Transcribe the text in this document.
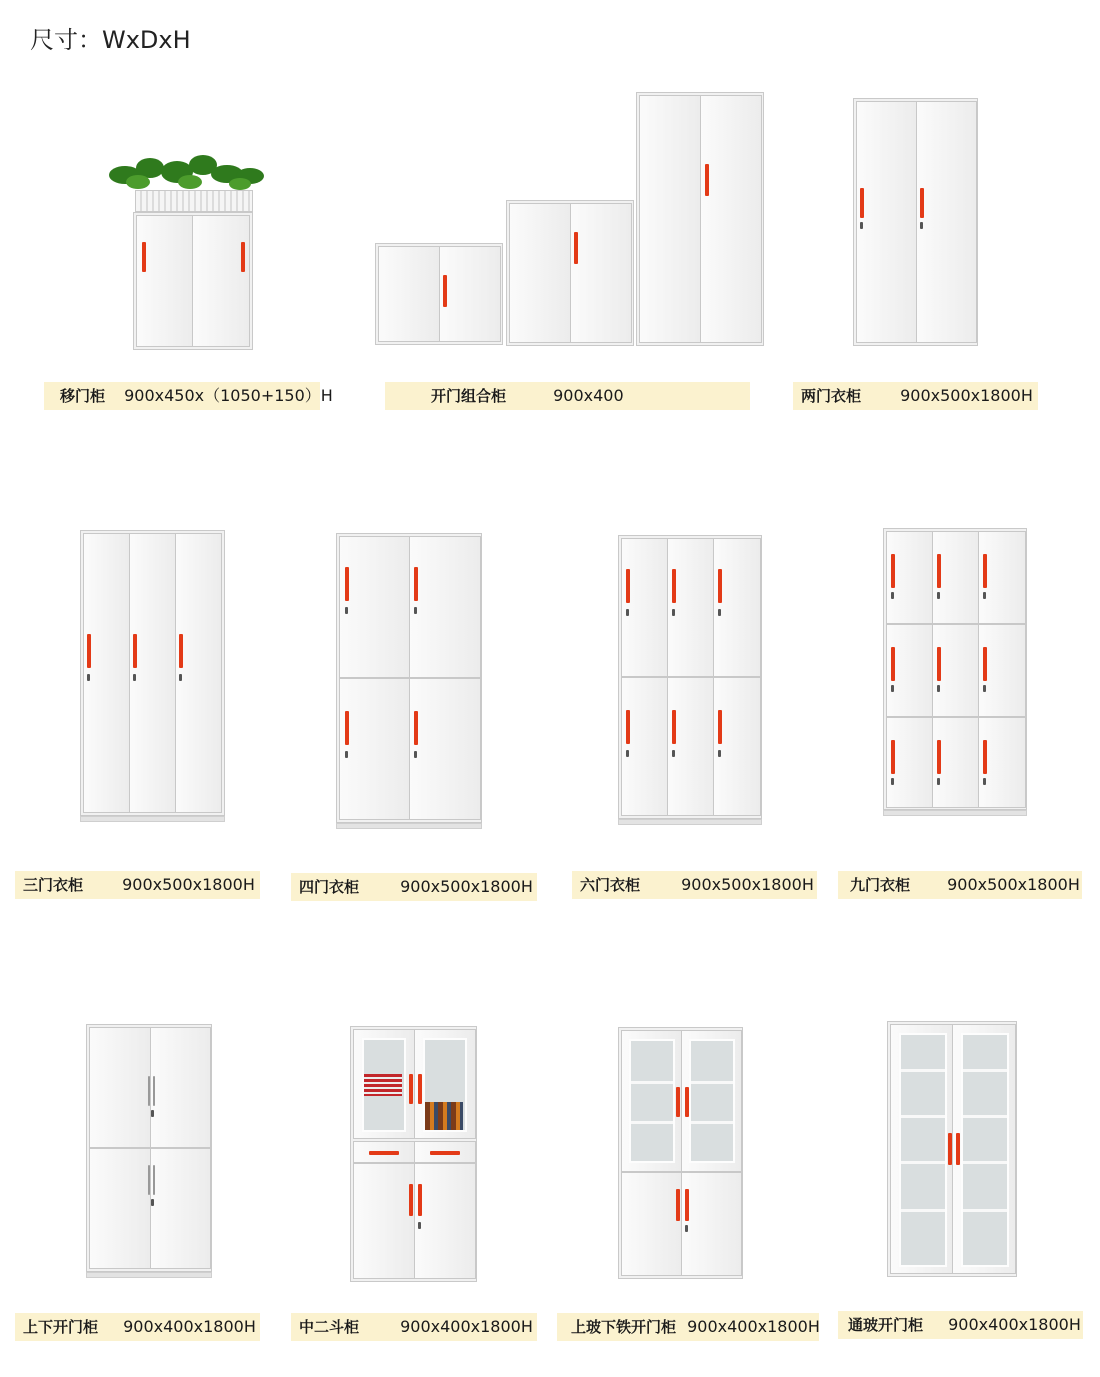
尺寸：WxDxH
移门柜 900x450x（1050+150）H	开门组合柜	900x400	两门衣柜 900x500x1800H
三门衣柜 900x500x1800H	四门衣柜	900x500x1800H	六门衣柜	900x500x1800H	九门衣柜 900x500x1800H
上下开门柜 900x400x1800H	中二斗柜	900x400x1800H	上玻下铁开门柜 900x400x1800H	通玻开门柜 900x400x1800H
